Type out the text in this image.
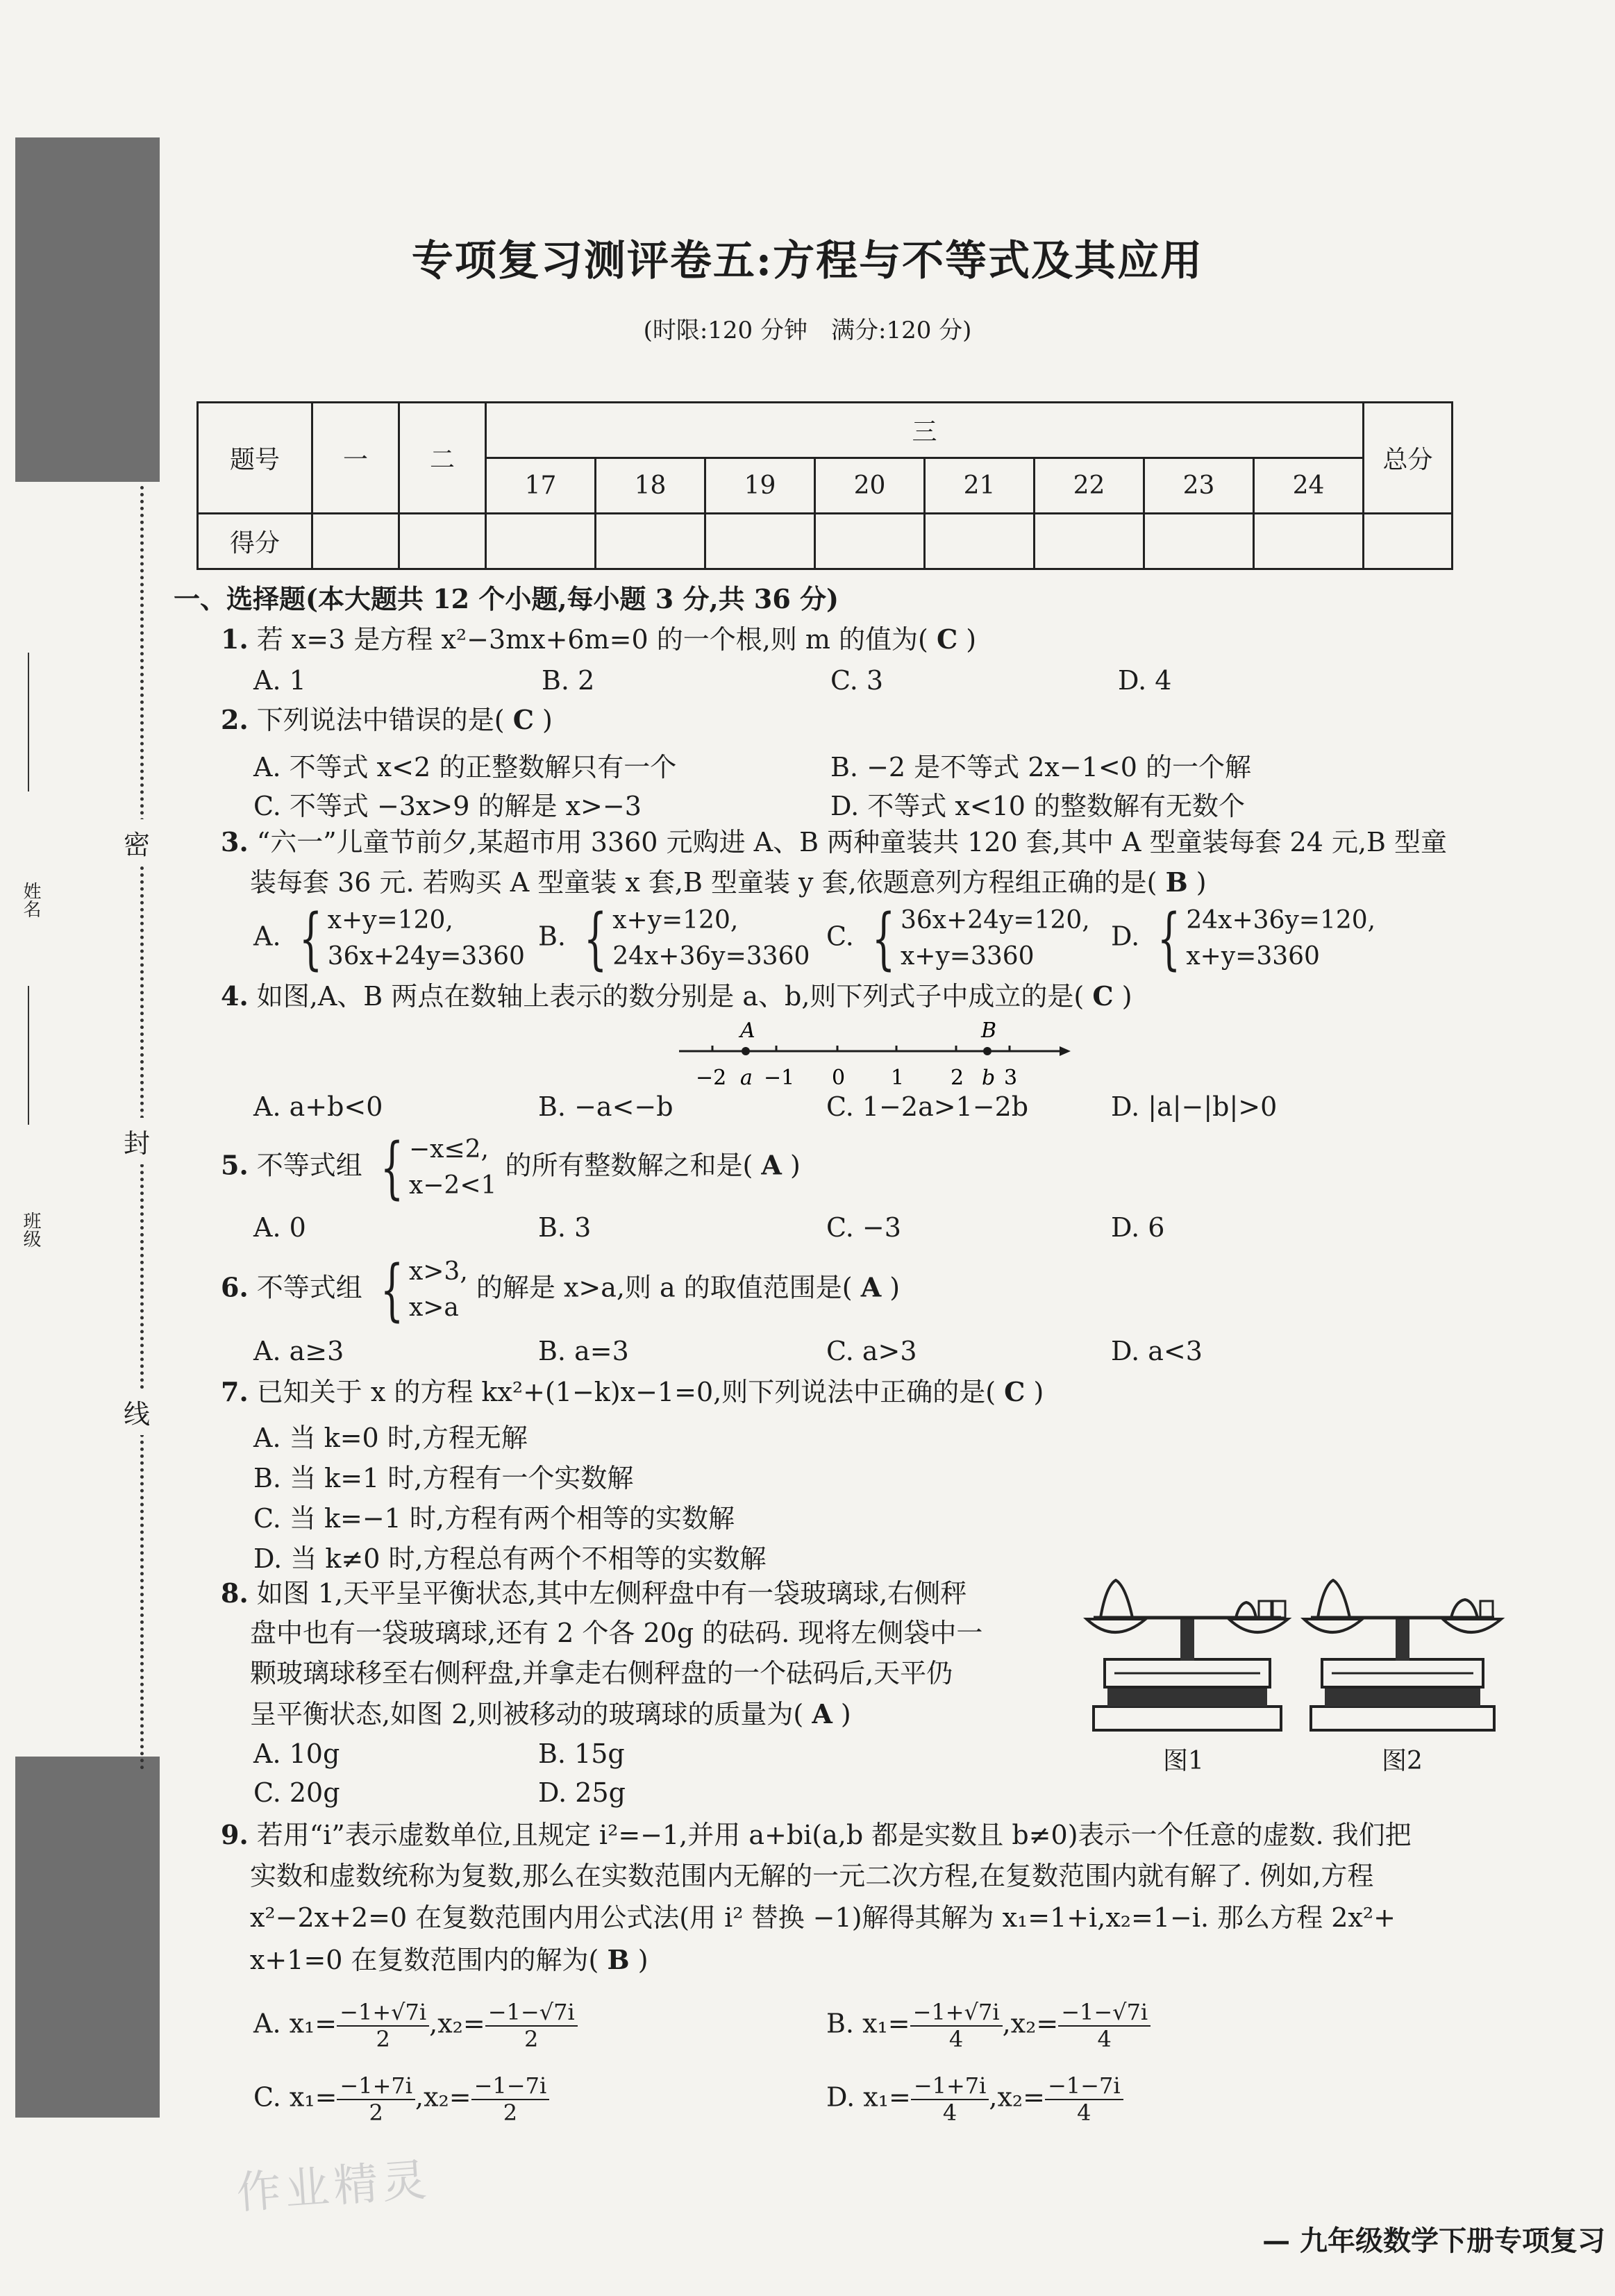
密
封
线
姓名
班级
专项复习测评卷五:方程与不等式及其应用
(时限:120 分钟　满分:120 分)
题号	一	二	三								总分
			17	18	19	20	21	22	23	24	
得分											
一、选择题(本大题共 12 个小题,每小题 3 分,共 36 分)
1. 若 x=3 是方程 x²−3mx+6m=0 的一个根,则 m 的值为( C )
A. 1	B. 2	C. 3	D. 4
2. 下列说法中错误的是( C )
A. 不等式 x<2 的正整数解只有一个	B. −2 是不等式 2x−1<0 的一个解
C. 不等式 −3x>9 的解是 x>−3	D. 不等式 x<10 的整数解有无数个
3. “六一”儿童节前夕,某超市用 3360 元购进 A、B 两种童装共 120 套,其中 A 型童装每套 24 元,B 型童
装每套 36 元. 若购买 A 型童装 x 套,B 型童装 y 套,依题意列方程组正确的是( B )
A. { x+y=120,
36x+24y=3360
B. { x+y=120,
24x+36y=3360
C. { 36x+24y=120,
x+y=3360
D. { 24x+36y=120,
x+y=3360
4. 如图,A、B 两点在数轴上表示的数分别是 a、b,则下列式子中成立的是( C )
A	B
−2 a −1 0 1 2 b 3
A. a+b<0	B. −a<−b	C. 1−2a>1−2b	D. |a|−|b|>0
5. 不等式组 { −x≤2,
x−2<1
的所有整数解之和是( A )
A. 0	B. 3	C. −3	D. 6
6. 不等式组 { x>3,
x>a
的解是 x>a,则 a 的取值范围是( A )
A. a≥3	B. a=3	C. a>3	D. a<3
7. 已知关于 x 的方程 kx²+(1−k)x−1=0,则下列说法中正确的是( C )
A. 当 k=0 时,方程无解
B. 当 k=1 时,方程有一个实数解
C. 当 k=−1 时,方程有两个相等的实数解
D. 当 k≠0 时,方程总有两个不相等的实数解
8. 如图 1,天平呈平衡状态,其中左侧秤盘中有一袋玻璃球,右侧秤
盘中也有一袋玻璃球,还有 2 个各 20g 的砝码. 现将左侧袋中一
颗玻璃球移至右侧秤盘,并拿走右侧秤盘的一个砝码后,天平仍
呈平衡状态,如图 2,则被移动的玻璃球的质量为( A )
A. 10g	B. 15g
C. 20g	D. 25g
图1	图2
9. 若用“i”表示虚数单位,且规定 i²=−1,并用 a+bi(a,b 都是实数且 b≠0)表示一个任意的虚数. 我们把
实数和虚数统称为复数,那么在实数范围内无解的一元二次方程,在复数范围内就有解了. 例如,方程
x²−2x+2=0 在复数范围内用公式法(用 i² 替换 −1)解得其解为 x₁=1+i,x₂=1−i. 那么方程 2x²+
x+1=0 在复数范围内的解为( B )
A. $x_1= \frac{-1+√7i}{2} ,x_2= \frac{-1-√7i}{2}$	B. $x_1= \frac{-1+√7i}{4} ,x_2= \frac{-1-√7i}{4}$
C. $x_1= \frac{-1+7i}{2} ,x_2= \frac{-1-7i}{2}$	D. $x_1= \frac{-1+7i}{4} ,x_2= \frac{-1-7i}{4}$
作业精灵
— 九年级数学下册专项复习
